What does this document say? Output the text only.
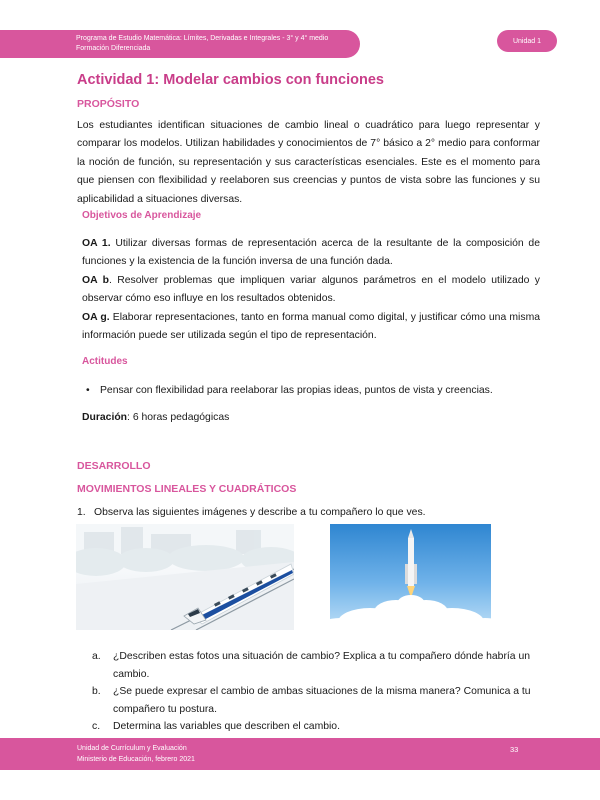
Programa de Estudio Matemática: Límites, Derivadas e Integrales - 3° y 4° medio
Formación Diferenciada
Unidad 1
Actividad 1: Modelar cambios con funciones
PROPÓSITO

Los estudiantes identifican situaciones de cambio lineal o cuadrático para luego representar y comparar los modelos. Utilizan habilidades y conocimientos de 7° básico a 2° medio para conformar la noción de función, su representación y sus características esenciales. Este es el momento para que piensen con flexibilidad y reelaboren sus creencias y puntos de vista sobre las funciones y su aplicabilidad a situaciones diversas.

Objetivos de Aprendizaje

OA 1. Utilizar diversas formas de representación acerca de la resultante de la composición de funciones y la existencia de la función inversa de una función dada.

OA b. Resolver problemas que impliquen variar algunos parámetros en el modelo utilizado y observar cómo eso influye en los resultados obtenidos.

OA g. Elaborar representaciones, tanto en forma manual como digital, y justificar cómo una misma información puede ser utilizada según el tipo de representación.

Actitudes
• Pensar con flexibilidad para reelaborar las propias ideas, puntos de vista y creencias.

Duración: 6 horas pedagógicas

DESARROLLO
MOVIMIENTOS LINEALES Y CUADRÁTICOS

1. Observa las siguientes imágenes y describe a tu compañero lo que ves.

a. ¿Describen estas fotos una situación de cambio? Explica a tu compañero dónde habría un cambio.
b. ¿Se puede expresar el cambio de ambas situaciones de la misma manera? Comunica a tu compañero tu postura.
c. Determina las variables que describen el cambio.
Unidad de Currículum y Evaluación
Ministerio de Educación, febrero 2021
33
